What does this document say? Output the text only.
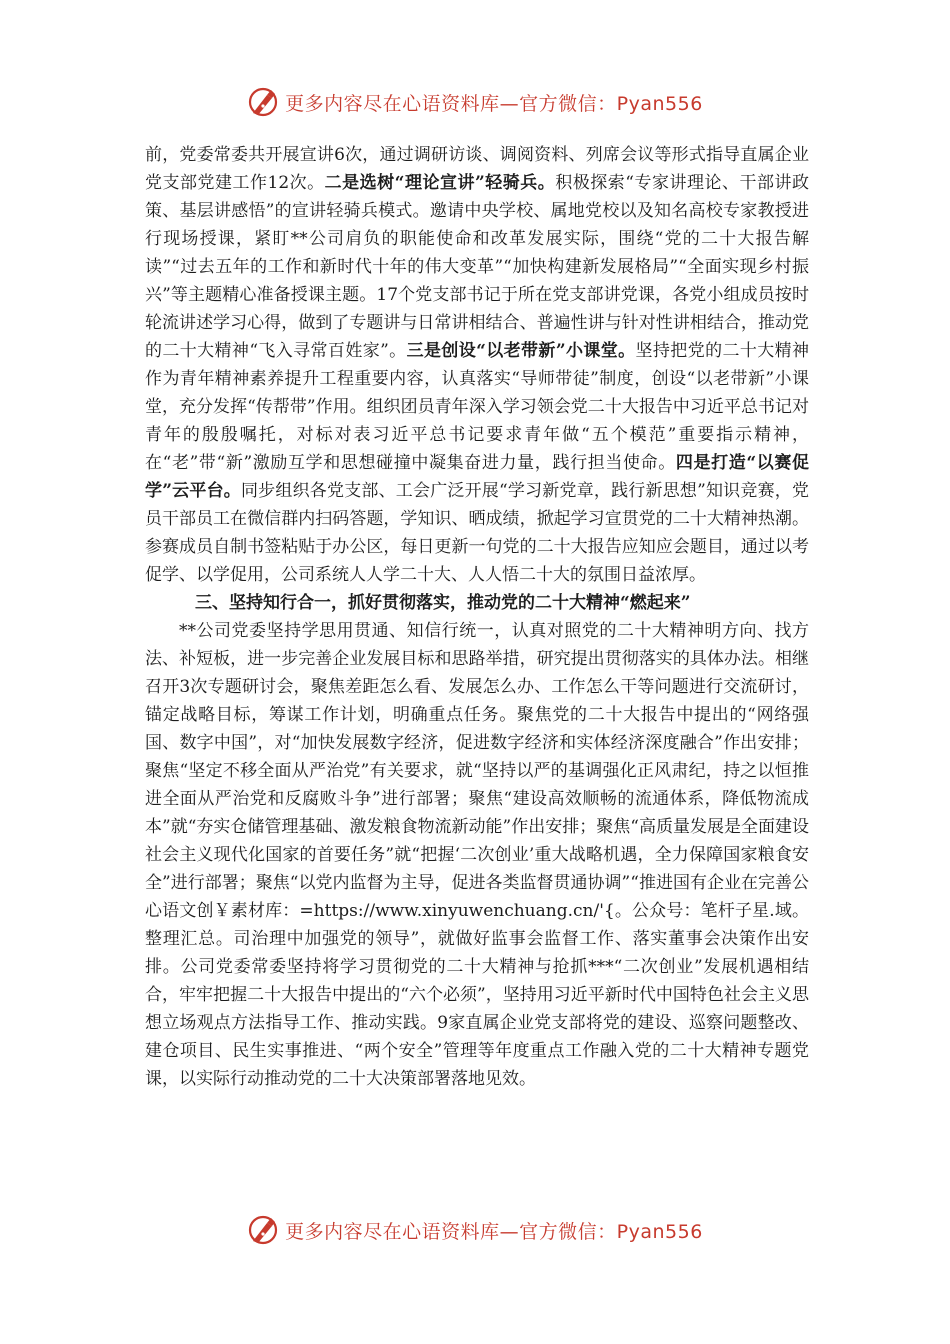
更多内容尽在心语资料库—官方微信：Pyan556

前，党委常委共开展宣讲6次，通过调研访谈、调阅资料、列席会议等形式指导直属企业党支部党建工作12次。二是选树“理论宣讲”轻骑兵。积极探索“专家讲理论、干部讲政策、基层讲感悟”的宣讲轻骑兵模式。邀请中央学校、属地党校以及知名高校专家教授进行现场授课，紧盯**公司肩负的职能使命和改革发展实际，围绕“党的二十大报告解读”“过去五年的工作和新时代十年的伟大变革”“加快构建新发展格局”“全面实现乡村振兴”等主题精心准备授课主题。17个党支部书记于所在党支部讲党课，各党小组成员按时轮流讲述学习心得，做到了专题讲与日常讲相结合、普遍性讲与针对性讲相结合，推动党的二十大精神“飞入寻常百姓家”。三是创设“以老带新”小课堂。坚持把党的二十大精神作为青年精神素养提升工程重要内容，认真落实“导师带徒”制度，创设“以老带新”小课堂，充分发挥“传帮带”作用。组织团员青年深入学习领会党二十大报告中习近平总书记对青年的殷殷嘱托，对标对表习近平总书记要求青年做“五个模范”重要指示精神，在“老”带“新”激励互学和思想碰撞中凝集奋进力量，践行担当使命。四是打造“以赛促学”云平台。同步组织各党支部、工会广泛开展“学习新党章，践行新思想”知识竞赛，党员干部员工在微信群内扫码答题，学知识、晒成绩，掀起学习宣贯党的二十大精神热潮。参赛成员自制书签粘贴于办公区，每日更新一句党的二十大报告应知应会题目，通过以考促学、以学促用，公司系统人人学二十大、人人悟二十大的氛围日益浓厚。

三、坚持知行合一，抓好贯彻落实，推动党的二十大精神“燃起来”

**公司党委坚持学思用贯通、知信行统一，认真对照党的二十大精神明方向、找方法、补短板，进一步完善企业发展目标和思路举措，研究提出贯彻落实的具体办法。相继召开3次专题研讨会，聚焦差距怎么看、发展怎么办、工作怎么干等问题进行交流研讨，锚定战略目标，筹谋工作计划，明确重点任务。聚焦党的二十大报告中提出的“网络强国、数字中国”，对“加快发展数字经济，促进数字经济和实体经济深度融合”作出安排；聚焦“坚定不移全面从严治党”有关要求，就“坚持以严的基调强化正风肃纪，持之以恒推进全面从严治党和反腐败斗争”进行部署；聚焦“建设高效顺畅的流通体系，降低物流成本”就“夯实仓储管理基础、激发粮食物流新动能”作出安排；聚焦“高质量发展是全面建设社会主义现代化国家的首要任务”就“把握‘二次创业’重大战略机遇，全力保障国家粮食安全”进行部署；聚焦“以党内监督为主导，促进各类监督贯通协调”“推进国有企业在完善公心语文创￥素材库：=https://www.xinyuwenchuang.cn/'{。公众号：笔杆子星.域。整理汇总。司治理中加强党的领导”，就做好监事会监督工作、落实董事会决策作出安排。公司党委常委坚持将学习贯彻党的二十大精神与抢抓***“二次创业”发展机遇相结合，牢牢把握二十大报告中提出的“六个必须”，坚持用习近平新时代中国特色社会主义思想立场观点方法指导工作、推动实践。9家直属企业党支部将党的建设、巡察问题整改、建仓项目、民生实事推进、“两个安全”管理等年度重点工作融入党的二十大精神专题党课，以实际行动推动党的二十大决策部署落地见效。

更多内容尽在心语资料库—官方微信：Pyan556
